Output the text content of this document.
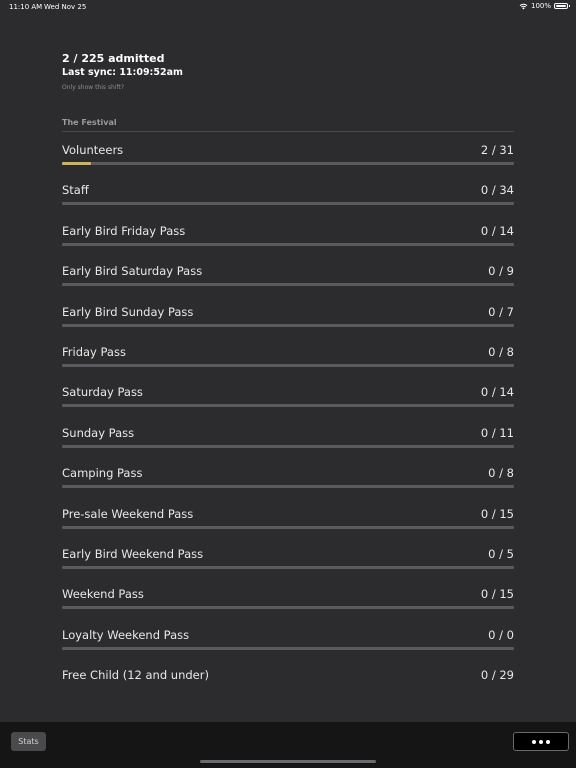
11:10 AM Wed Nov 25	100%
2 / 225 admitted
Last sync: 11:09:52am
Only show this shift?
The Festival
Volunteers	2 / 31
Staff	0 / 34
Early Bird Friday Pass	0 / 14
Early Bird Saturday Pass	0 / 9
Early Bird Sunday Pass	0 / 7
Friday Pass	0 / 8
Saturday Pass	0 / 14
Sunday Pass	0 / 11
Camping Pass	0 / 8
Pre-sale Weekend Pass	0 / 15
Early Bird Weekend Pass	0 / 5
Weekend Pass	0 / 15
Loyalty Weekend Pass	0 / 0
Free Child (12 and under)	0 / 29
Stats
